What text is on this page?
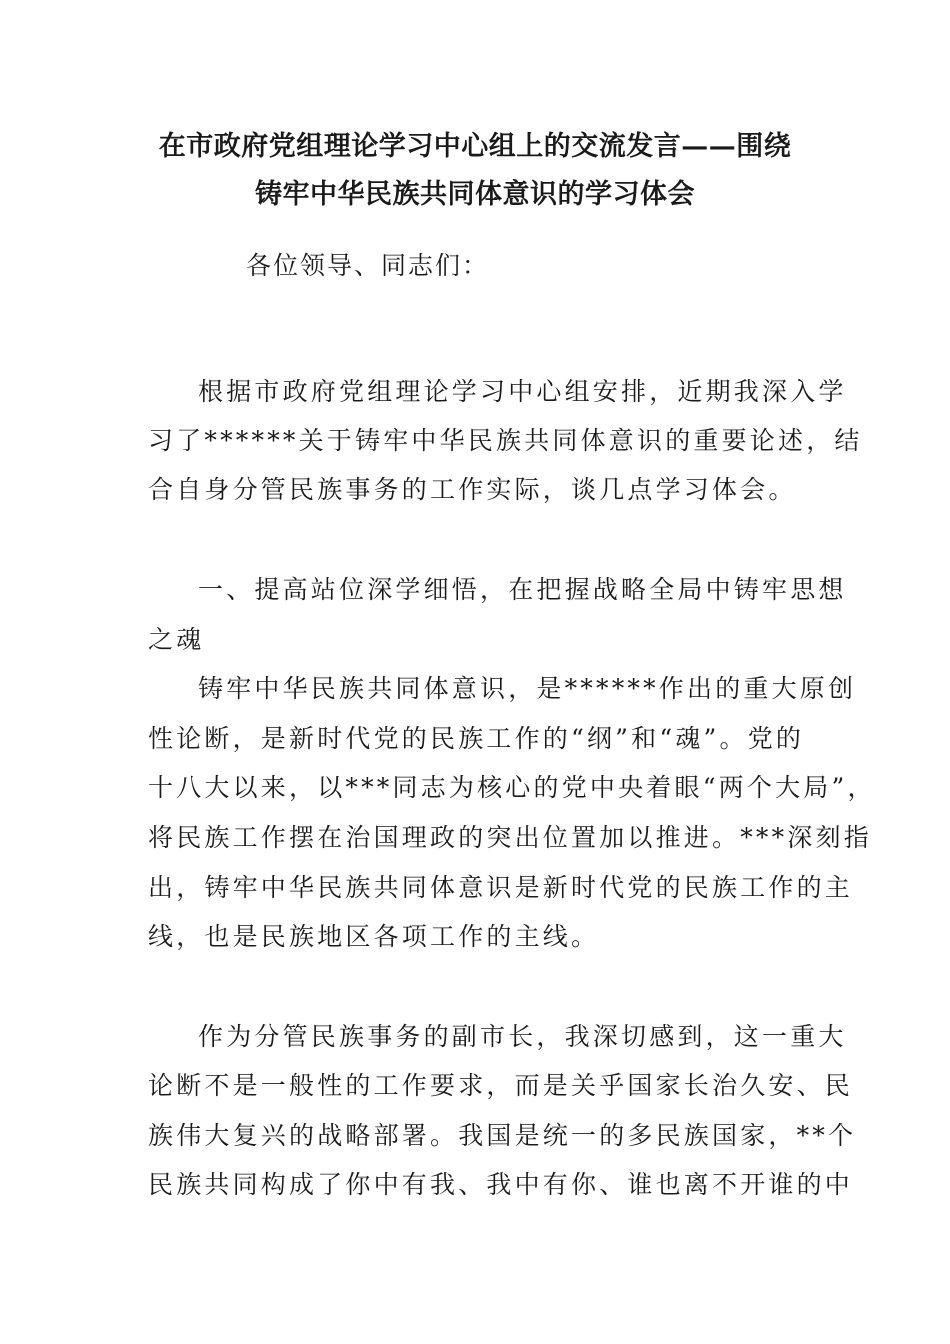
在市政府党组理论学习中心组上的交流发言——围绕
铸牢中华民族共同体意识的学习体会
各位领导、同志们：
根据市政府党组理论学习中心组安排，近期我深入学
习了******关于铸牢中华民族共同体意识的重要论述，结
合自身分管民族事务的工作实际，谈几点学习体会。
一、提高站位深学细悟，在把握战略全局中铸牢思想
之魂
铸牢中华民族共同体意识，是******作出的重大原创
性论断，是新时代党的民族工作的“纲”和“魂”。党的
十八大以来，以***同志为核心的党中央着眼“两个大局”，
将民族工作摆在治国理政的突出位置加以推进。***深刻指
出，铸牢中华民族共同体意识是新时代党的民族工作的主
线，也是民族地区各项工作的主线。
作为分管民族事务的副市长，我深切感到，这一重大
论断不是一般性的工作要求，而是关乎国家长治久安、民
族伟大复兴的战略部署。我国是统一的多民族国家，**个
民族共同构成了你中有我、我中有你、谁也离不开谁的中
